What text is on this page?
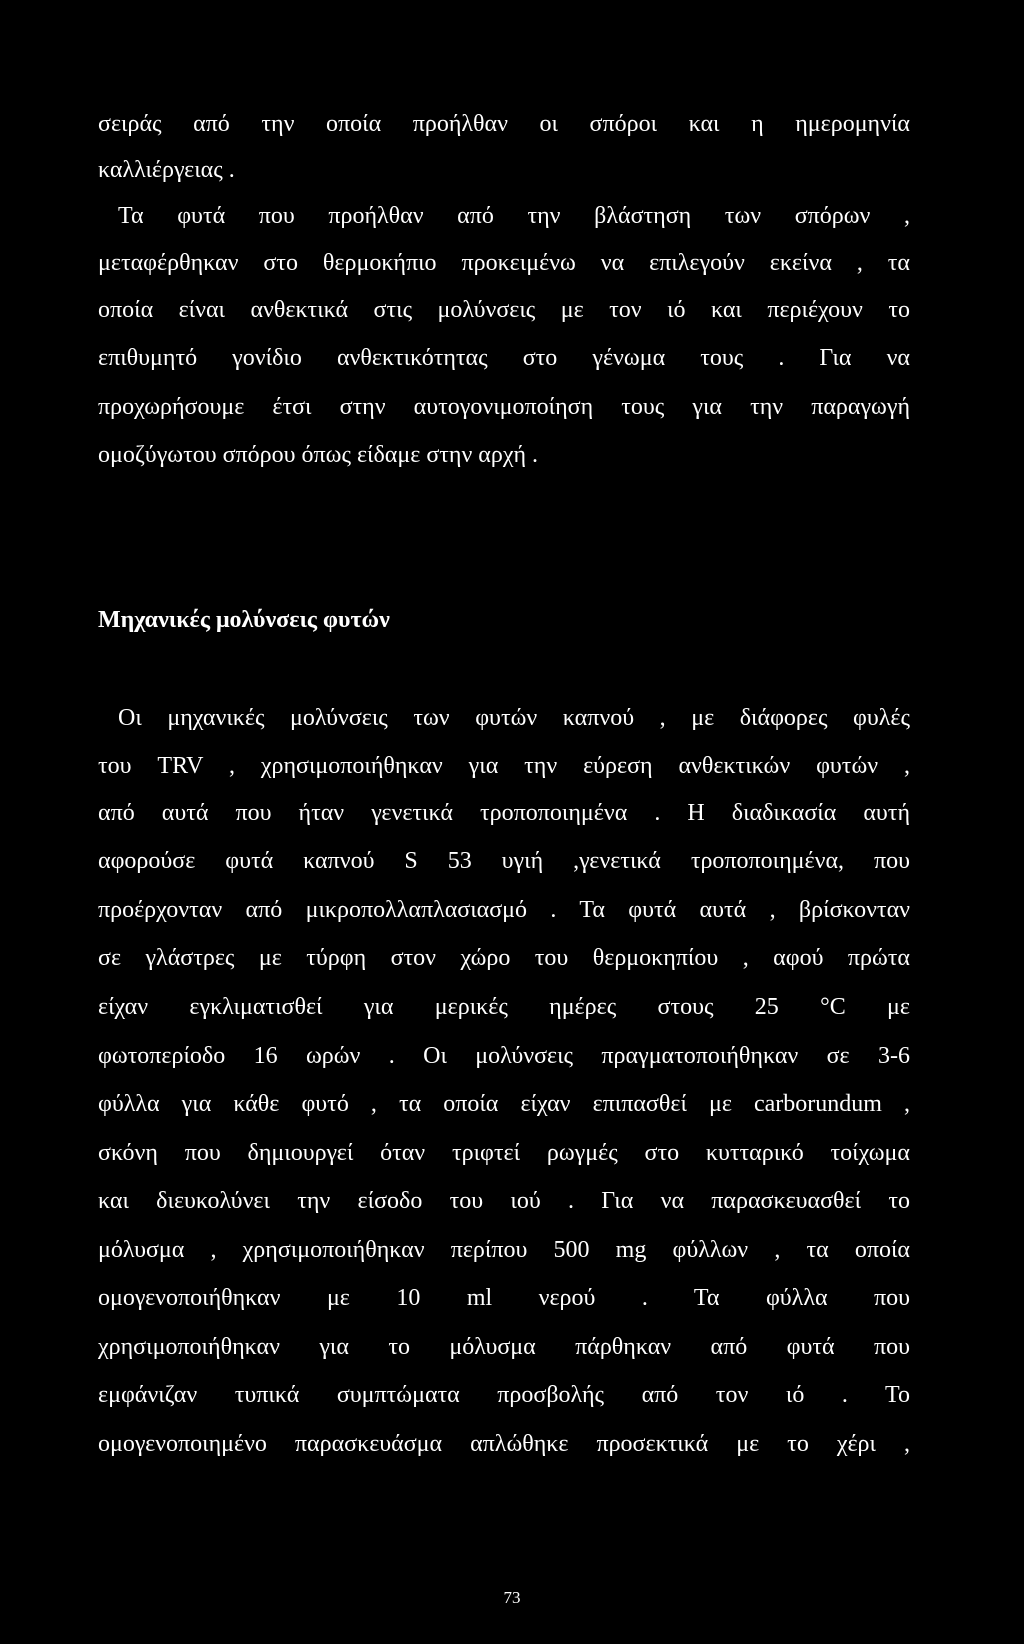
σειράς από την οποία προήλθαν οι σπόροι και η ημερομηνία

καλλιέργειας .

Τα φυτά που προήλθαν από την βλάστηση των σπόρων ,

μεταφέρθηκαν στο θερμοκήπιο προκειμένω να επιλεγούν εκείνα , τα

οποία είναι ανθεκτικά στις μολύνσεις με τον ιό και περιέχουν το

επιθυμητό γονίδιο ανθεκτικότητας στο γένωμα τους . Για να

προχωρήσουμε έτσι στην αυτογονιμοποίηση τους για την παραγωγή

ομοζύγωτου σπόρου όπως είδαμε στην αρχή .

Μηχανικές μολύνσεις φυτών

Οι μηχανικές μολύνσεις των φυτών καπνού , με διάφορες φυλές

του TRV , χρησιμοποιήθηκαν για την εύρεση ανθεκτικών φυτών ,

από αυτά που ήταν γενετικά τροποποιημένα . Η διαδικασία αυτή

αφορούσε φυτά καπνού S 53 υγιή ,γενετικά τροποποιημένα, που

προέρχονταν από μικροπολλαπλασιασμό . Τα φυτά αυτά , βρίσκονταν

σε γλάστρες με τύρφη στον χώρο του θερμοκηπίου , αφού πρώτα

είχαν εγκλιματισθεί για μερικές ημέρες στους 25 °C με

φωτοπερίοδο 16 ωρών . Οι μολύνσεις πραγματοποιήθηκαν σε 3-6

φύλλα για κάθε φυτό , τα οποία είχαν επιπασθεί με carborundum ,

σκόνη που δημιουργεί όταν τριφτεί ρωγμές στο κυτταρικό τοίχωμα

και διευκολύνει την είσοδο του ιού . Για να παρασκευασθεί το

μόλυσμα , χρησιμοποιήθηκαν περίπου 500 mg φύλλων , τα οποία

ομογενοποιήθηκαν με 10 ml νερού . Τα φύλλα που

χρησιμοποιήθηκαν για το μόλυσμα πάρθηκαν από φυτά που

εμφάνιζαν τυπικά συμπτώματα προσβολής από τον ιό . Το

ομογενοποιημένο παρασκευάσμα απλώθηκε προσεκτικά με το χέρι ,

73
